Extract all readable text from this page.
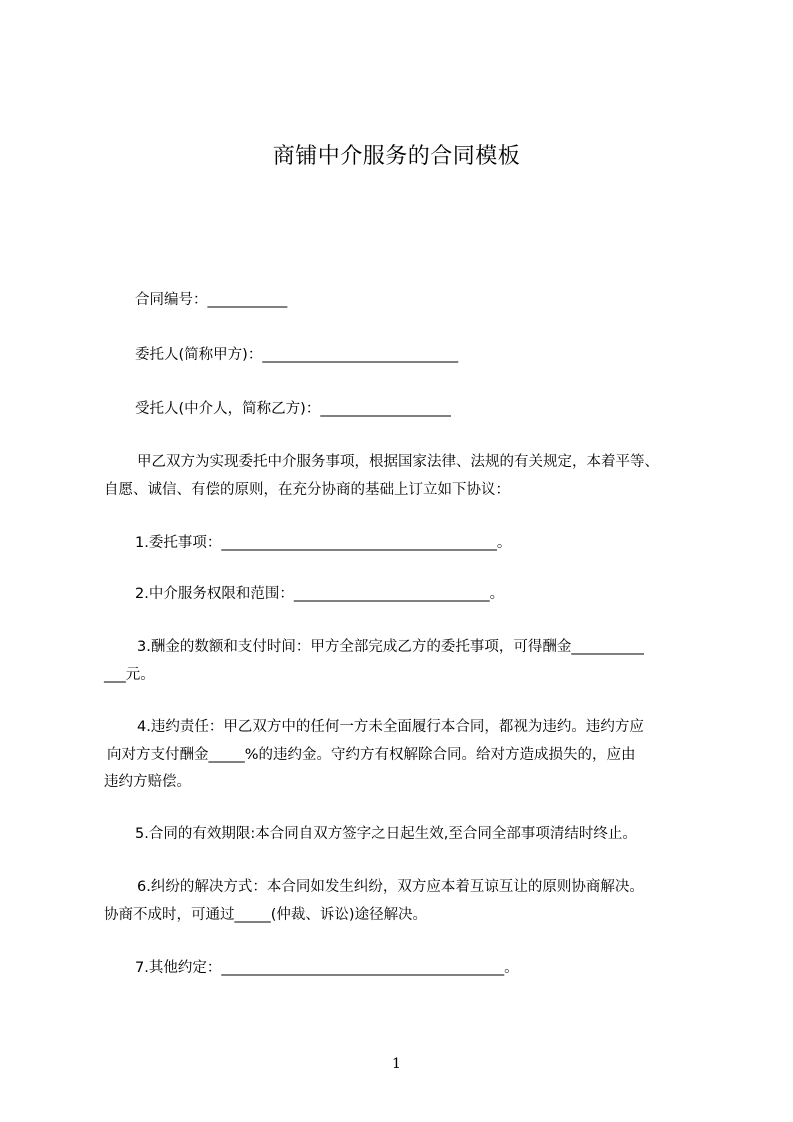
商铺中介服务的合同模板
合同编号：___________
委托人(简称甲方)：___________________________
受托人(中介人，简称乙方)：__________________
甲乙双方为实现委托中介服务事项，根据国家法律、法规的有关规定，本着平等、
自愿、诚信、有偿的原则，在充分协商的基础上订立如下协议：
1.委托事项：______________________________________。
2.中介服务权限和范围：___________________________。
3.酬金的数额和支付时间：甲方全部完成乙方的委托事项，可得酬金__________
___元。
4.违约责任：甲乙双方中的任何一方未全面履行本合同，都视为违约。违约方应
向对方支付酬金_____%的违约金。守约方有权解除合同。给对方造成损失的，应由
违约方赔偿。
5.合同的有效期限:本合同自双方签字之日起生效,至合同全部事项清结时终止。
6.纠纷的解决方式：本合同如发生纠纷，双方应本着互谅互让的原则协商解决。
协商不成时，可通过_____(仲裁、诉讼)途径解决。
7.其他约定：_______________________________________。
1
